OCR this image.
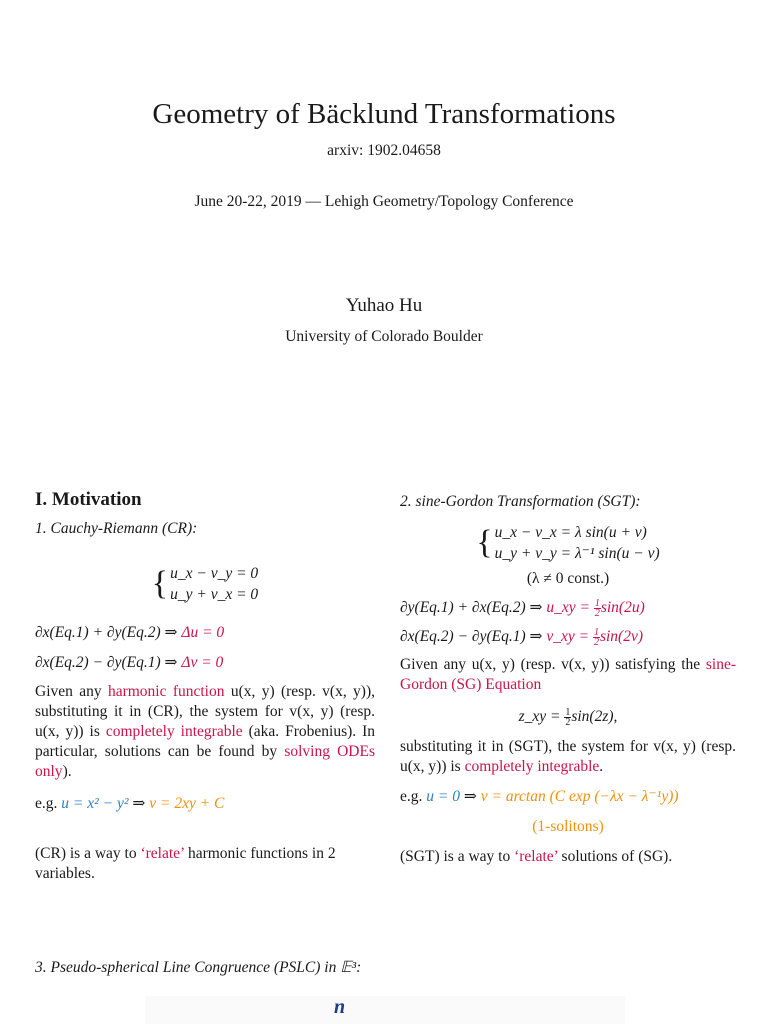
Geometry of Bäcklund Transformations
arxiv: 1902.04658
June 20-22, 2019 — Lehigh Geometry/Topology Conference
Yuhao Hu
University of Colorado Boulder
I. Motivation
1. Cauchy-Riemann (CR):
{ u_x − v_y = 0
u_y + v_x = 0
∂x(Eq.1) + ∂y(Eq.2) ⇒ Δu = 0
∂x(Eq.2) − ∂y(Eq.1) ⇒ Δv = 0
Given any harmonic function u(x, y) (resp. v(x, y)), substituting it in (CR), the system for v(x, y) (resp. u(x, y)) is completely integrable (aka. Frobenius). In particular, solutions can be found by solving ODEs only).
e.g. u = x² − y² ⇒ v = 2xy + C
(CR) is a way to ‘relate’ harmonic functions in 2 variables.
3. Pseudo-spherical Line Congruence (PSLC) in 𝔼³:
2. sine-Gordon Transformation (SGT):
{ u_x − v_x = λ sin(u + v)
u_y + v_y = λ⁻¹ sin(u − v)
(λ ≠ 0 const.)
∂y(Eq.1) + ∂x(Eq.2) ⇒ u_xy = $\frac{1}{2} \sin(2u)$
∂x(Eq.2) − ∂y(Eq.1) ⇒ v_xy = $\frac{1}{2} \sin(2v)$
Given any u(x, y) (resp. v(x, y)) satisfying the sine-Gordon (SG) Equation
z_xy = $\frac{1}{2} \sin(2z)$,
substituting it in (SGT), the system for v(x, y) (resp. u(x, y)) is completely integrable.
e.g. u = 0 ⇒ v = arctan (C exp (−λx − λ⁻¹y))
(1-solitons)
(SGT) is a way to ‘relate’ solutions of (SG).
n⃗
